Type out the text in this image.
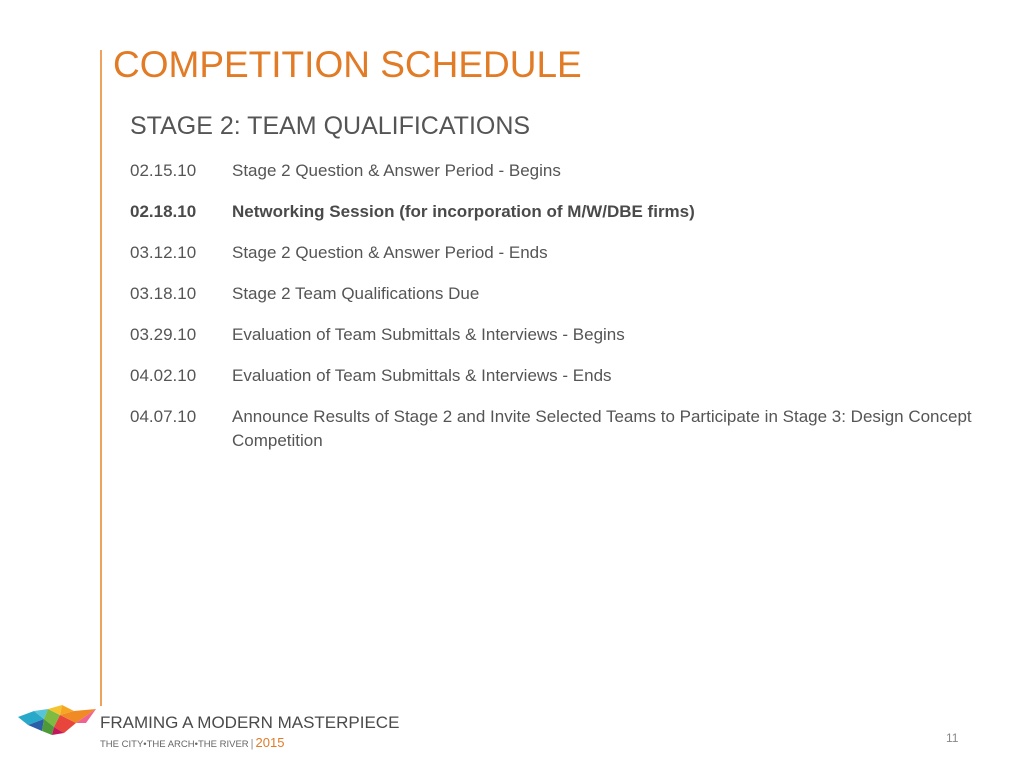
COMPETITION SCHEDULE
STAGE 2: TEAM QUALIFICATIONS
02.15.10	Stage 2 Question & Answer Period - Begins
02.18.10	Networking Session (for incorporation of M/W/DBE firms)
03.12.10	Stage 2 Question & Answer Period - Ends
03.18.10	Stage 2 Team Qualifications Due
03.29.10	Evaluation of Team Submittals & Interviews - Begins
04.02.10	Evaluation of Team Submittals & Interviews - Ends
04.07.10	Announce Results of Stage 2 and Invite Selected Teams to Participate in Stage 3: Design Concept Competition
FRAMING A MODERN MASTERPIECE
THE CITY•THE ARCH•THE RIVER | 2015	11
